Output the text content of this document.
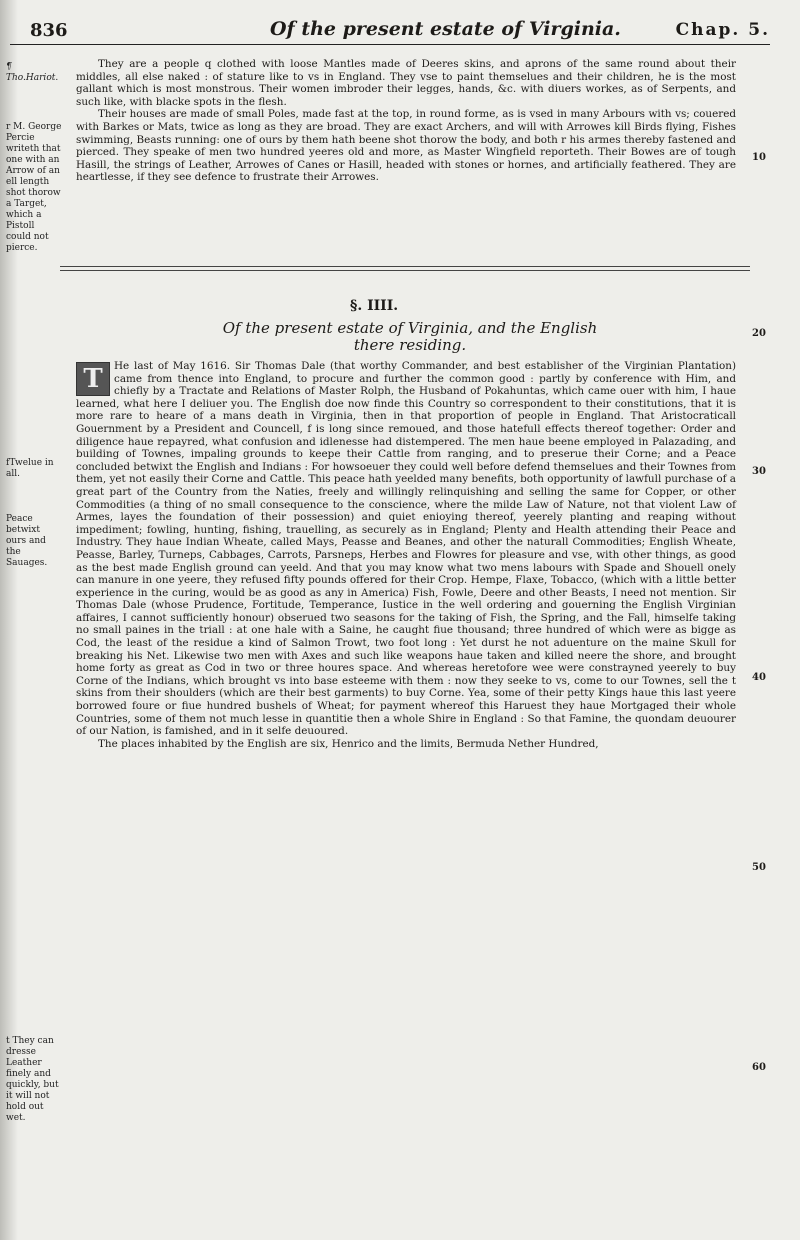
836	Of the present estate of Virginia.	Chap. 5.
¶ Tho.Hariot.
r M. George Percie writeth that one with an Arrow of an ell length shot thorow a Target, which a Pistoll could not pierce.
fTwelue in all.
Peace betwixt ours and the Sauages.
t They can dresse Leather finely and quickly, but it will not hold out wet.
10
20
30
40
50
60

They are a people q clothed with loose Mantles made of Deeres skins, and aprons of the same round about their middles, all else naked : of stature like to vs in England. They vse to paint themselues and their children, he is the most gallant which is most monstrous. Their women imbroder their legges, hands, &c. with diuers workes, as of Serpents, and such like, with blacke spots in the flesh.

Their houses are made of small Poles, made fast at the top, in round forme, as is vsed in many Arbours with vs; couered with Barkes or Mats, twice as long as they are broad. They are exact Archers, and will with Arrowes kill Birds flying, Fishes swimming, Beasts running: one of ours by them hath beene shot thorow the body, and both r his armes thereby fastened and pierced. They speake of men two hundred yeeres old and more, as Master Wingfield reporteth. Their Bowes are of tough Hasill, the strings of Leather, Arrowes of Canes or Hasill, headed with stones or hornes, and artificially feathered. They are heartlesse, if they see defence to frustrate their Arrowes.

§. IIII.
Of the present estate of Virginia, and the English
there residing.

T	He last of May 1616. Sir Thomas Dale (that worthy Commander, and best establisher of the Virginian Plantation) came from thence into England, to procure and further the common good : partly by conference with Him, and chiefly by a Tractate and Relations of Master Rolph, the Husband of Pokahuntas, which came ouer with him, I haue learned, what here I deliuer you. The English doe now finde this Country so correspondent to their constitutions, that it is more rare to heare of a mans death in Virginia, then in that proportion of people in England. That Aristocraticall Gouernment by a President and Councell, f is long since remoued, and those hatefull effects thereof together: Order and diligence haue repayred, what confusion and idlenesse had distempered. The men haue beene employed in Palazading, and building of Townes, impaling grounds to keepe their Cattle from ranging, and to preserue their Corne; and a Peace concluded betwixt the English and Indians : For howsoeuer they could well before defend themselues and their Townes from them, yet not easily their Corne and Cattle. This peace hath yeelded many benefits, both opportunity of lawfull purchase of a great part of the Country from the Naties, freely and willingly relinquishing and selling the same for Copper, or other Commodities (a thing of no small consequence to the conscience, where the milde Law of Nature, not that violent Law of Armes, layes the foundation of their possession) and quiet enioying thereof, yeerely planting and reaping without impediment; fowling, hunting, fishing, trauelling, as securely as in England; Plenty and Health attending their Peace and Industry. They haue Indian Wheate, called Mays, Peasse and Beanes, and other the naturall Commodities; English Wheate, Peasse, Barley, Turneps, Cabbages, Carrots, Parsneps, Herbes and Flowres for pleasure and vse, with other things, as good as the best made English ground can yeeld. And that you may know what two mens labours with Spade and Shouell onely can manure in one yeere, they refused fifty pounds offered for their Crop. Hempe, Flaxe, Tobacco, (which with a little better experience in the curing, would be as good as any in America) Fish, Fowle, Deere and other Beasts, I need not mention. Sir Thomas Dale (whose Prudence, Fortitude, Temperance, Iustice in the well ordering and gouerning the English Virginian affaires, I cannot sufficiently honour) obserued two seasons for the taking of Fish, the Spring, and the Fall, himselfe taking no small paines in the triall : at one hale with a Saine, he caught fiue thousand; three hundred of which were as bigge as Cod, the least of the residue a kind of Salmon Trowt, two foot long : Yet durst he not aduenture on the maine Skull for breaking his Net. Likewise two men with Axes and such like weapons haue taken and killed neere the shore, and brought home forty as great as Cod in two or three houres space. And whereas heretofore wee were constrayned yeerely to buy Corne of the Indians, which brought vs into base esteeme with them : now they seeke to vs, come to our Townes, sell the t skins from their shoulders (which are their best garments) to buy Corne. Yea, some of their petty Kings haue this last yeere borrowed foure or fiue hundred bushels of Wheat; for payment whereof this Haruest they haue Mortgaged their whole Countries, some of them not much lesse in quantitie then a whole Shire in England : So that Famine, the quondam deuourer of our Nation, is famished, and in it selfe deuoured.

The places inhabited by the English are six, Henrico and the limits, Bermuda Nether Hundred,
